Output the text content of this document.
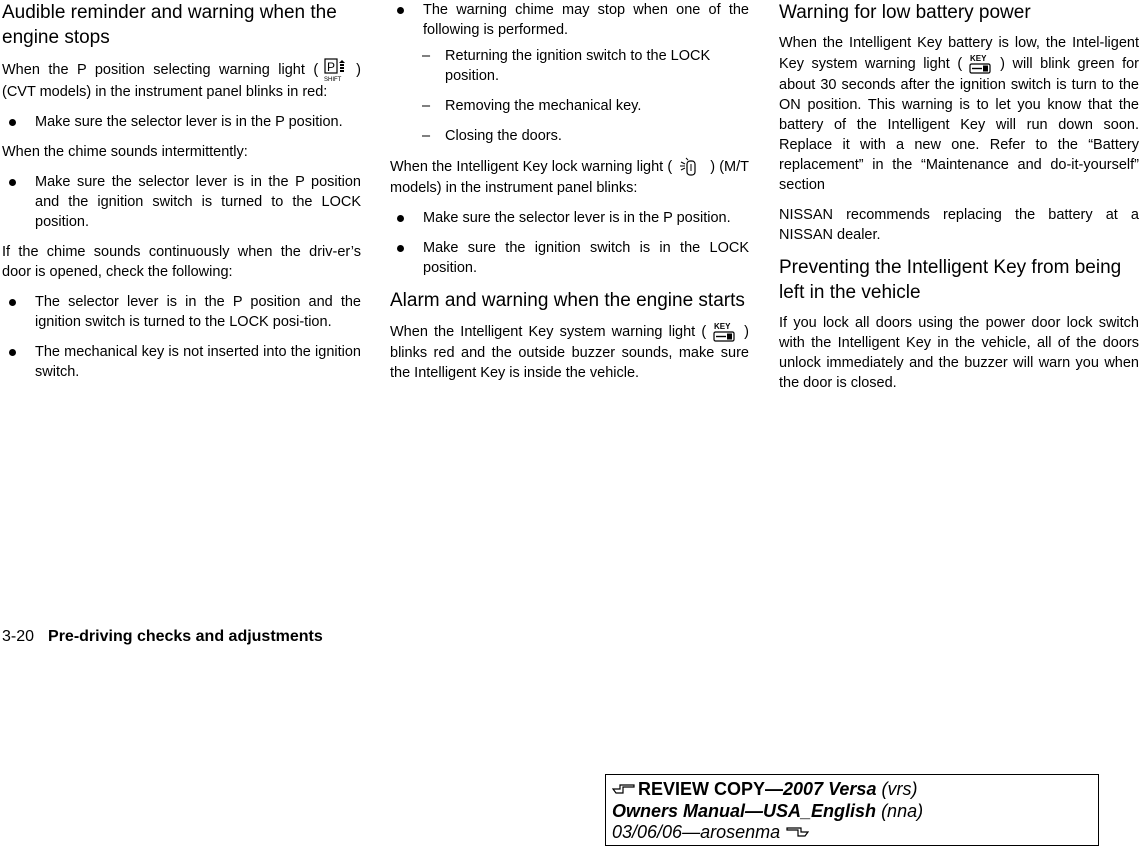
Audible reminder and warning when the engine stops

When the P position selecting warning light ( P
SHIFT
) (CVT models) in the instrument panel blinks in red:

Make sure the selector lever is in the P position.

When the chime sounds intermittently:

Make sure the selector lever is in the P position and the ignition switch is turned to the LOCK position.

If the chime sounds continuously when the driv-er’s door is opened, check the following:

The selector lever is in the P position and the ignition switch is turned to the LOCK posi-tion.
The mechanical key is not inserted into the ignition switch.
The warning chime may stop when one of the following is performed.
– Returning the ignition switch to the LOCK position.
– Removing the mechanical key.
– Closing the doors.

When the Intelligent Key lock warning light (	) (M/T models) in the instrument panel blinks:

Make sure the selector lever is in the P position.
Make sure the ignition switch is in the LOCK position.
Alarm and warning when the engine starts

When the Intelligent Key system warning light ( KEY ) blinks red and the outside buzzer sounds, make sure the Intelligent Key is inside the vehicle.

Warning for low battery power

When the Intelligent Key battery is low, the Intel-ligent Key system warning light ( KEY ) will blink green for about 30 seconds after the ignition switch is turn to the ON position. This warning is to let you know that the battery of the Intelligent Key will run down soon. Replace it with a new one. Refer to the “Battery replacement” in the “Maintenance and do-it-yourself” section

NISSAN recommends replacing the battery at a NISSAN dealer.

Preventing the Intelligent Key from being left in the vehicle

If you lock all doors using the power door lock switch with the Intelligent Key in the vehicle, all of the doors unlock immediately and the buzzer will warn you when the door is closed.

3-20 Pre-driving checks and adjustments
REVIEW COPY—2007 Versa (vrs)
Owners Manual—USA_English (nna)
03/06/06—arosenma
